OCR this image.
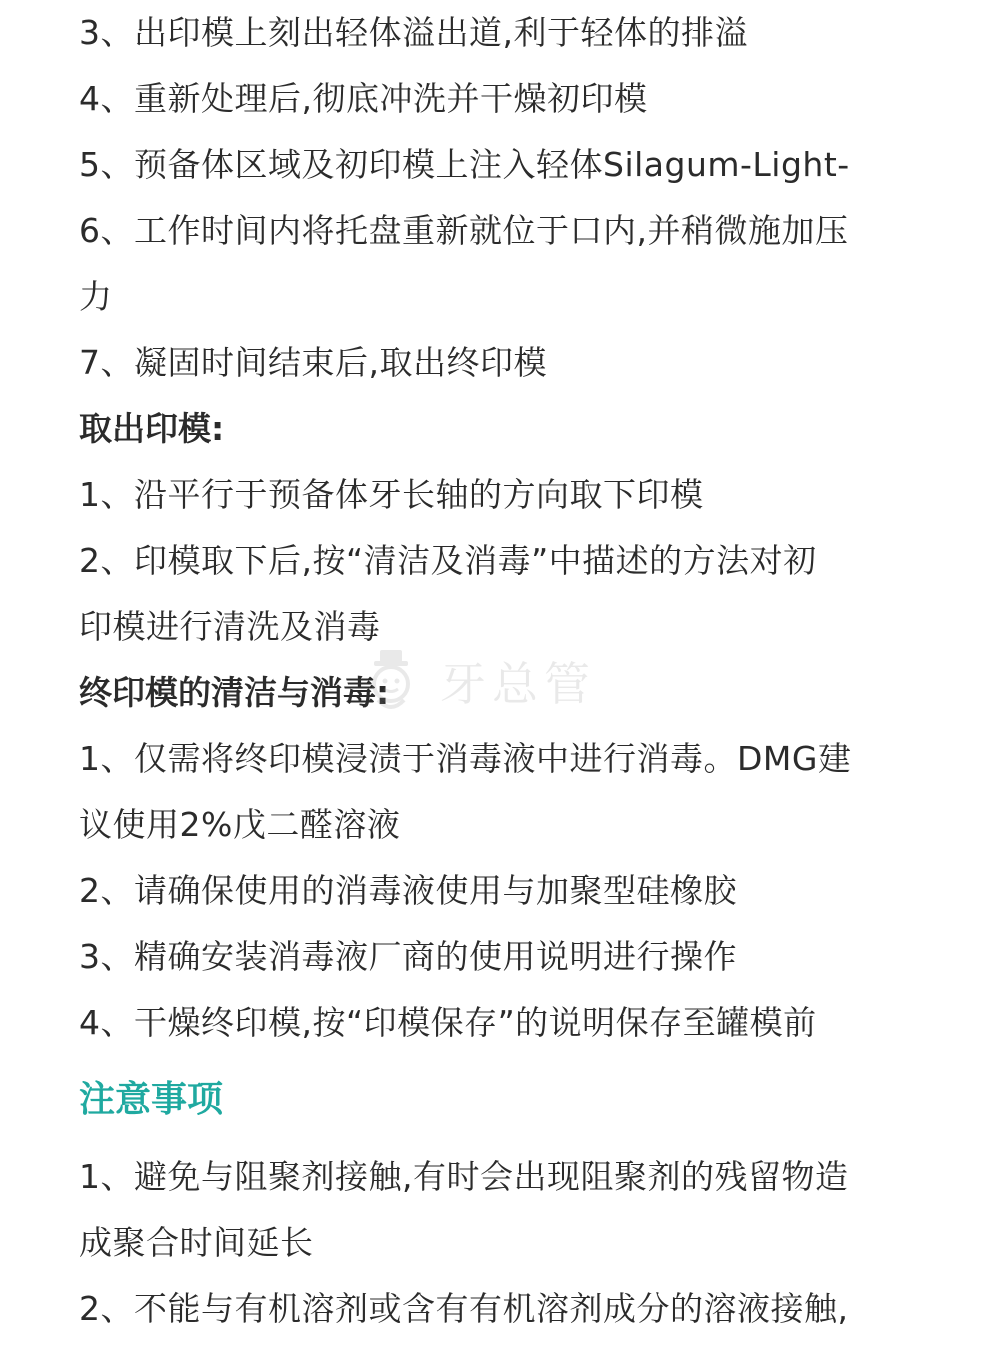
3、出印模上刻出轻体溢出道,利于轻体的排溢
4、重新处理后,彻底冲洗并干燥初印模
5、预备体区域及初印模上注入轻体Silagum-Light-
6、工作时间内将托盘重新就位于口内,并稍微施加压
力
7、凝固时间结束后,取出终印模
取出印模:
1、沿平行于预备体牙长轴的方向取下印模
2、印模取下后,按“清洁及消毒”中描述的方法对初
印模进行清洗及消毒
终印模的清洁与消毒:
1、仅需将终印模浸渍于消毒液中进行消毒。DMG建
议使用2%戊二醛溶液
2、请确保使用的消毒液使用与加聚型硅橡胶
3、精确安装消毒液厂商的使用说明进行操作
4、干燥终印模,按“印模保存”的说明保存至罐模前
注意事项
1、避免与阻聚剂接触,有时会出现阻聚剂的残留物造
成聚合时间延长
2、不能与有机溶剂或含有有机溶剂成分的溶液接触,
牙总管
